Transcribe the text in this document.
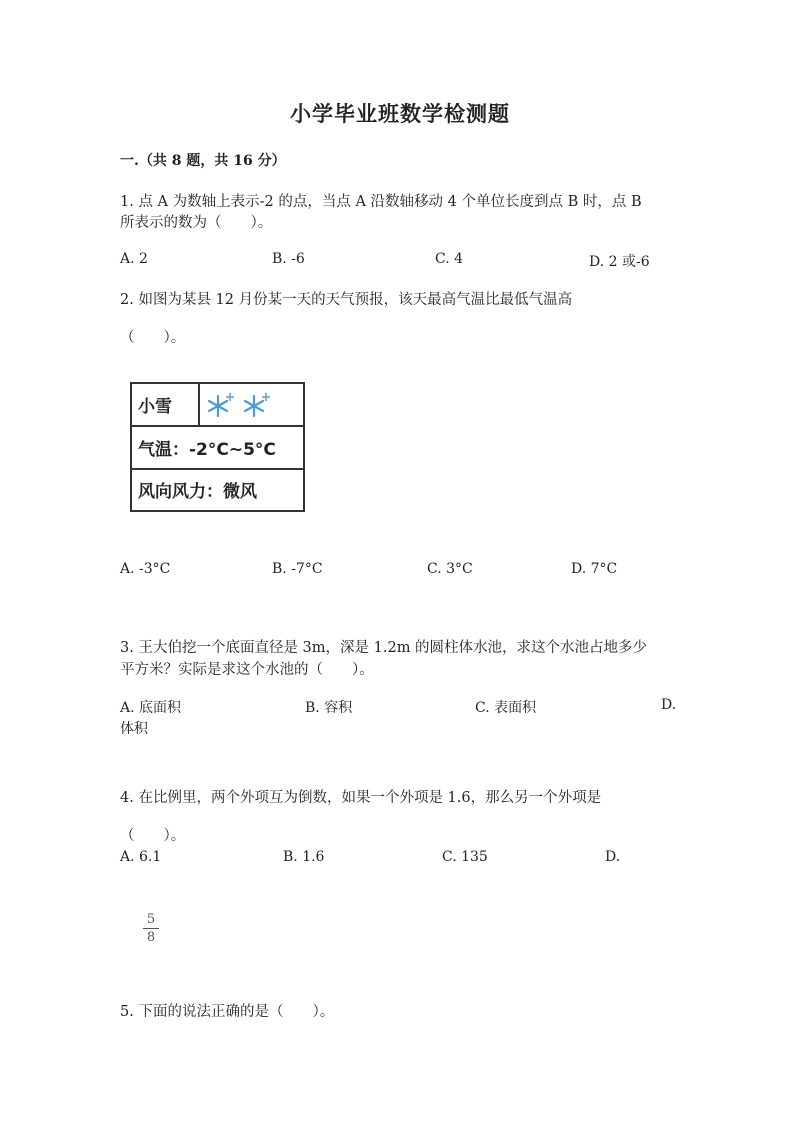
小学毕业班数学检测题
一.（共 8 题，共 16 分）
1. 点 A 为数轴上表示-2 的点，当点 A 沿数轴移动 4 个单位长度到点 B 时，点 B
所表示的数为（　　）。
A. 2	B. -6	C. 4	D. 2 或-6
2. 如图为某县 12 月份某一天的天气预报，该天最高气温比最低气温高
（　　）。
小雪
气温：-2°C~5°C
风向风力：微风
A. -3°C	B. -7°C	C. 3°C	D. 7°C
3. 王大伯挖一个底面直径是 3m，深是 1.2m 的圆柱体水池，求这个水池占地多少
平方米？实际是求这个水池的（　　）。
A. 底面积	B. 容积	C. 表面积	D.
体积
4. 在比例里，两个外项互为倒数，如果一个外项是 1.6，那么另一个外项是
（　　）。
A. 6.1	B. 1.6	C. 135	D.
5
8
5. 下面的说法正确的是（　　）。
